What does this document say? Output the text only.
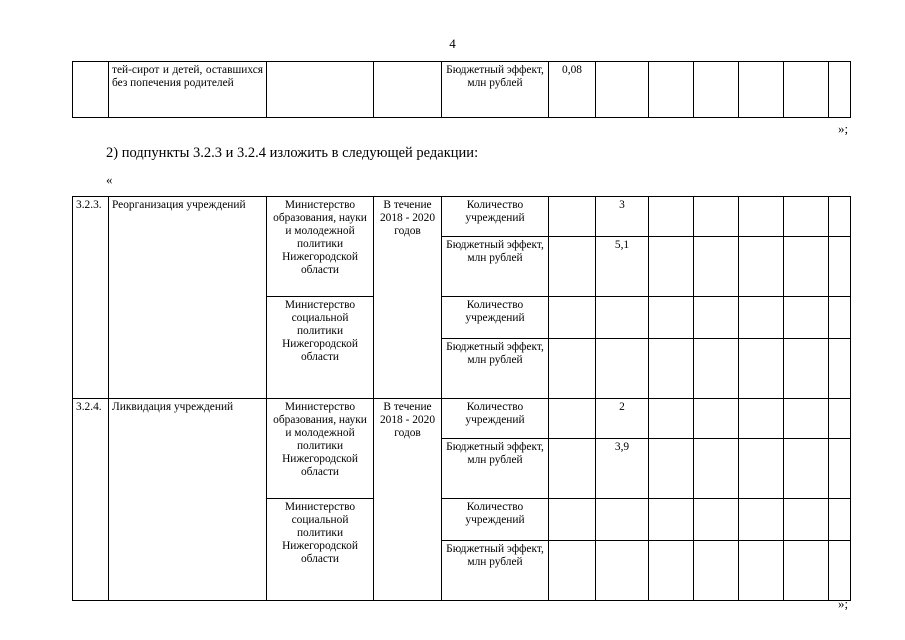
4
	тей-сирот и детей, оставшихся без попечения родителей			Бюджетный эффект, млн рублей	0,08						
»;
2) подпункты 3.2.3 и 3.2.4 изложить в следующей редакции:
«
3.2.3.	Реорганизация учреждений	Министерство образования, науки и молодежной политики Нижегородской области	В течение 2018 - 2020 годов	Количество учреждений		3					
				Бюджетный эффект, млн рублей		5,1					
		Министерство социальной политики Нижегородской области		Количество учреждений							
				Бюджетный эффект, млн рублей							
3.2.4.	Ликвидация учреждений	Министерство образования, науки и молодежной политики Нижегородской области	В течение 2018 - 2020 годов	Количество учреждений		2					
				Бюджетный эффект, млн рублей		3,9					
		Министерство социальной политики Нижегородской области		Количество учреждений							
				Бюджетный эффект, млн рублей							
»;
